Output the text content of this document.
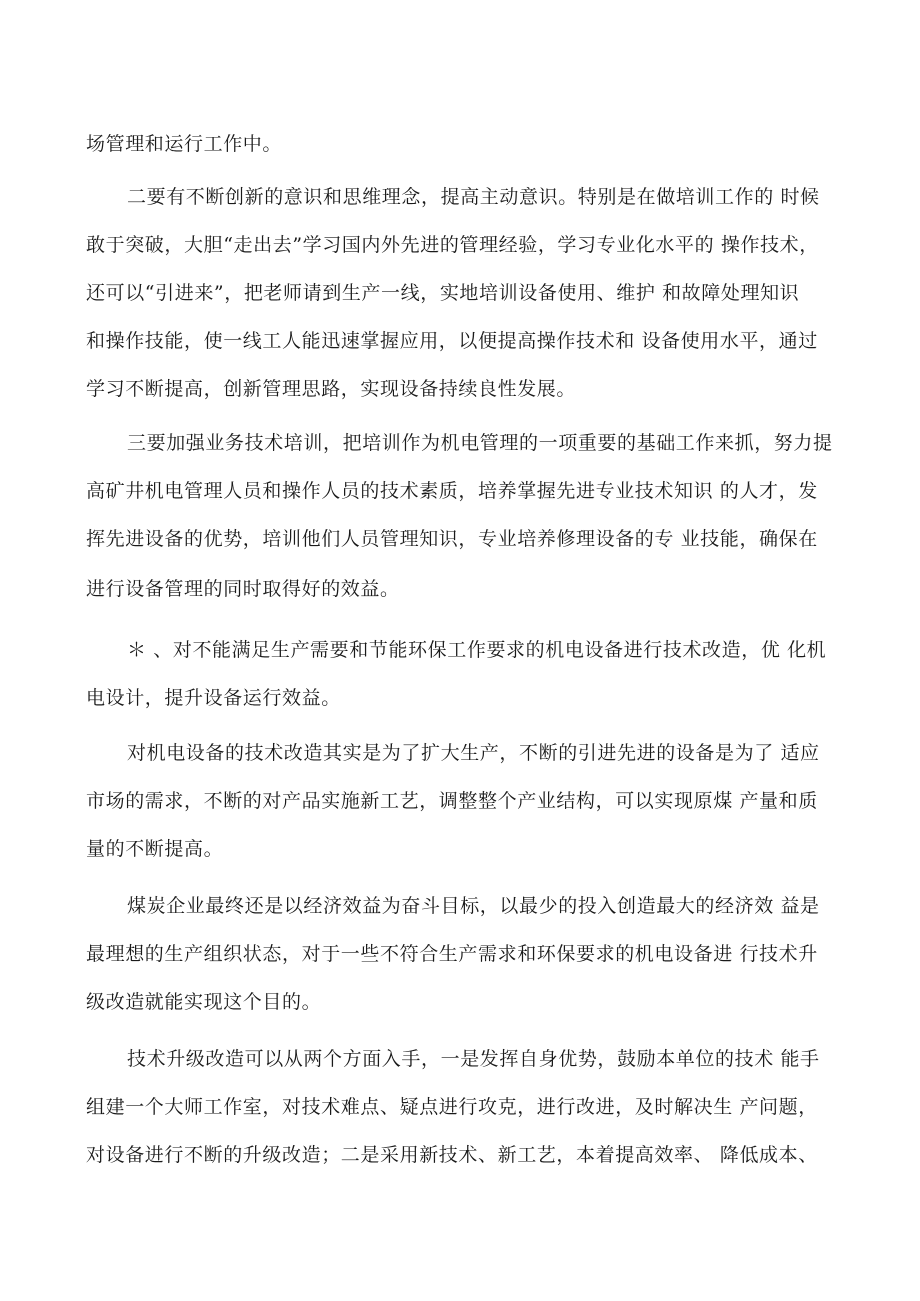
场管理和运行工作中。
二要有不断创新的意识和思维理念，提高主动意识。特别是在做培训工作的 时候
敢于突破，大胆“走出去”学习国内外先进的管理经验，学习专业化水平的 操作技术，
还可以“引进来”，把老师请到生产一线，实地培训设备使用、维护 和故障处理知识
和操作技能，使一线工人能迅速掌握应用，以便提高操作技术和 设备使用水平，通过
学习不断提高，创新管理思路，实现设备持续良性发展。
三要加强业务技术培训，把培训作为机电管理的一项重要的基础工作来抓，努力提
高矿井机电管理人员和操作人员的技术素质，培养掌握先进专业技术知识 的人才，发
挥先进设备的优势，培训他们人员管理知识，专业培养修理设备的专 业技能，确保在
进行设备管理的同时取得好的效益。
＊ 、对不能满足生产需要和节能环保工作要求的机电设备进行技术改造，优 化机
电设计，提升设备运行效益。
对机电设备的技术改造其实是为了扩大生产，不断的引进先进的设备是为了 适应
市场的需求，不断的对产品实施新工艺，调整整个产业结构，可以实现原煤 产量和质
量的不断提高。
煤炭企业最终还是以经济效益为奋斗目标，以最少的投入创造最大的经济效 益是
最理想的生产组织状态，对于一些不符合生产需求和环保要求的机电设备进 行技术升
级改造就能实现这个目的。
技术升级改造可以从两个方面入手，一是发挥自身优势，鼓励本单位的技术 能手
组建一个大师工作室，对技术难点、疑点进行攻克，进行改进，及时解决生 产问题，
对设备进行不断的升级改造；二是采用新技术、新工艺，本着提高效率、 降低成本、
